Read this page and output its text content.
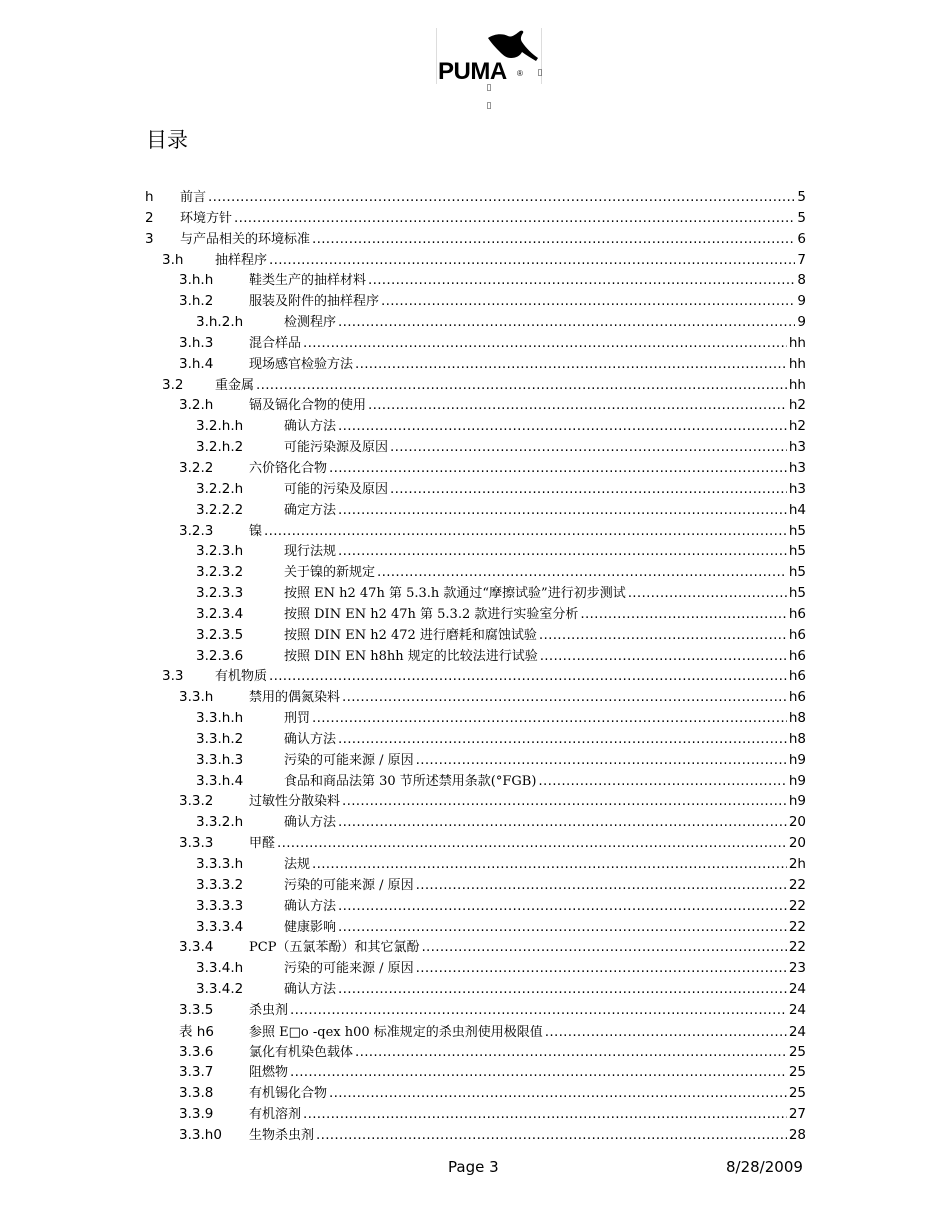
PUMA ® ▯
▯
▯
目录
h	前言 .....	5
2	环境方针 .....	5
3	与产品相关的环境标准 .....	6
3.h	抽样程序 .....	7
3.h.h	鞋类生产的抽样材料 .....	8
3.h.2	服装及附件的抽样程序 .....	9
3.h.2.h	检测程序 .....	9
3.h.3	混合样品 .....	hh
3.h.4	现场感官检验方法 .....	hh
3.2	重金属 .....	hh
3.2.h	镉及镉化合物的使用 .....	h2
3.2.h.h	确认方法 .....	h2
3.2.h.2	可能污染源及原因 .....	h3
3.2.2	六价铬化合物 .....	h3
3.2.2.h	可能的污染及原因 .....	h3
3.2.2.2	确定方法 .....	h4
3.2.3	镍 .....	h5
3.2.3.h	现行法规 .....	h5
3.2.3.2	关于镍的新规定 .....	h5
3.2.3.3	按照 EN h2 47h 第 5.3.h 款通过“摩擦试验”进行初步测试 .....	h5
3.2.3.4	按照 DIN EN h2 47h 第 5.3.2 款进行实验室分析 .....	h6
3.2.3.5	按照 DIN EN h2 472 进行磨耗和腐蚀试验 .....	h6
3.2.3.6	按照 DIN EN h8hh 规定的比较法进行试验 .....	h6
3.3	有机物质 .....	h6
3.3.h	禁用的偶氮染料 .....	h6
3.3.h.h	刑罚 .....	h8
3.3.h.2	确认方法 .....	h8
3.3.h.3	污染的可能来源 / 原因 .....	h9
3.3.h.4	食品和商品法第 30 节所述禁用条款(°FGB) .....	h9
3.3.2	过敏性分散染料 .....	h9
3.3.2.h	确认方法 .....	20
3.3.3	甲醛 .....	20
3.3.3.h	法规 .....	2h
3.3.3.2	污染的可能来源 / 原因 .....	22
3.3.3.3	确认方法 .....	22
3.3.3.4	健康影响 .....	22
3.3.4	PCP（五氯苯酚）和其它氯酚 .....	22
3.3.4.h	污染的可能来源 / 原因 .....	23
3.3.4.2	确认方法 .....	24
3.3.5	杀虫剂 .....	24
表 h6	参照 E□o -qex h00 标准规定的杀虫剂使用极限值 .....	24
3.3.6	氯化有机染色载体 .....	25
3.3.7	阻燃物 .....	25
3.3.8	有机锡化合物 .....	25
3.3.9	有机溶剂 .....	27
3.3.h0	生物杀虫剂 .....	28
Page 3	8/28/2009
